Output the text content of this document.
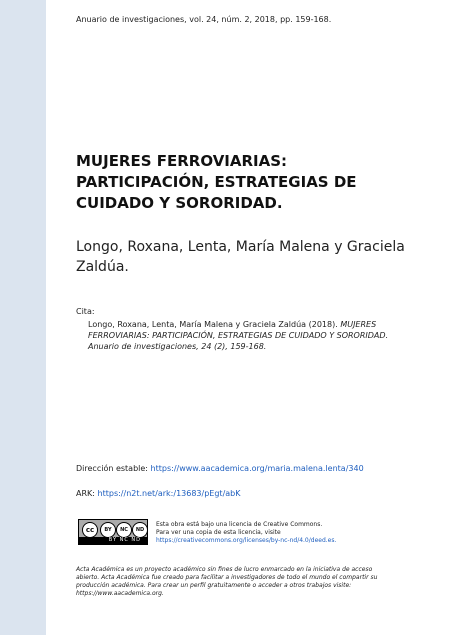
Anuario de investigaciones, vol. 24, núm. 2, 2018, pp. 159-168.
MUJERES FERROVIARIAS: PARTICIPACIÓN, ESTRATEGIAS DE CUIDADO Y SORORIDAD.
Longo, Roxana, Lenta, María Malena y Graciela Zaldúa.
Cita:
Longo, Roxana, Lenta, María Malena y Graciela Zaldúa (2018). MUJERES FERROVIARIAS: PARTICIPACIÓN, ESTRATEGIAS DE CUIDADO Y SORORIDAD. Anuario de investigaciones, 24 (2), 159-168.
Dirección estable: https://www.aacademica.org/maria.malena.lenta/340
ARK: https://n2t.net/ark:/13683/pEgt/abK
cc	BY	NC	ND
BY NC ND
Esta obra está bajo una licencia de Creative Commons.
Para ver una copia de esta licencia, visite
https://creativecommons.org/licenses/by-nc-nd/4.0/deed.es.
Acta Académica es un proyecto académico sin fines de lucro enmarcado en la iniciativa de acceso abierto. Acta Académica fue creado para facilitar a investigadores de todo el mundo el compartir su producción académica. Para crear un perfil gratuitamente o acceder a otros trabajos visite: https://www.aacademica.org.
